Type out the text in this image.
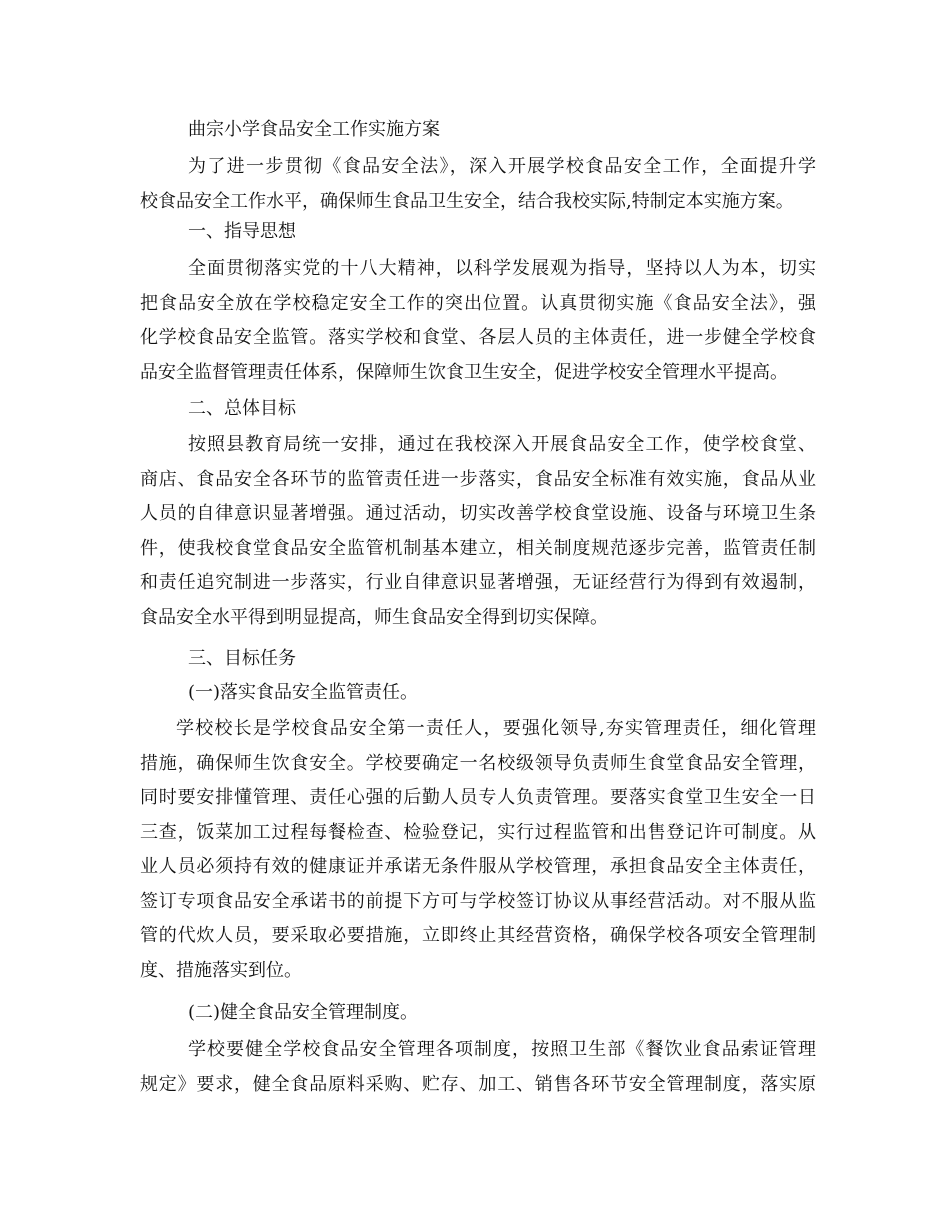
曲宗小学食品安全工作实施方案
为了进一步贯彻《食品安全法》，深入开展学校食品安全工作，全面提升学
校食品安全工作水平，确保师生食品卫生安全，结合我校实际,特制定本实施方案。
一、指导思想
全面贯彻落实党的十八大精神，以科学发展观为指导，坚持以人为本，切实
把食品安全放在学校稳定安全工作的突出位置。认真贯彻实施《食品安全法》，强
化学校食品安全监管。落实学校和食堂、各层人员的主体责任，进一步健全学校食
品安全监督管理责任体系，保障师生饮食卫生安全，促进学校安全管理水平提高。
二、总体目标
按照县教育局统一安排，通过在我校深入开展食品安全工作，使学校食堂、
商店、食品安全各环节的监管责任进一步落实，食品安全标准有效实施，食品从业
人员的自律意识显著增强。通过活动，切实改善学校食堂设施、设备与环境卫生条
件，使我校食堂食品安全监管机制基本建立，相关制度规范逐步完善，监管责任制
和责任追究制进一步落实，行业自律意识显著增强，无证经营行为得到有效遏制，
食品安全水平得到明显提高，师生食品安全得到切实保障。
三、目标任务
(一)落实食品安全监管责任。
学校校长是学校食品安全第一责任人，要强化领导,夯实管理责任，细化管理
措施，确保师生饮食安全。学校要确定一名校级领导负责师生食堂食品安全管理，
同时要安排懂管理、责任心强的后勤人员专人负责管理。要落实食堂卫生安全一日
三查，饭菜加工过程每餐检查、检验登记，实行过程监管和出售登记许可制度。从
业人员必须持有效的健康证并承诺无条件服从学校管理，承担食品安全主体责任，
签订专项食品安全承诺书的前提下方可与学校签订协议从事经营活动。对不服从监
管的代炊人员，要采取必要措施，立即终止其经营资格，确保学校各项安全管理制
度、措施落实到位。
(二)健全食品安全管理制度。
学校要健全学校食品安全管理各项制度，按照卫生部《餐饮业食品索证管理
规定》要求，健全食品原料采购、贮存、加工、销售各环节安全管理制度，落实原
